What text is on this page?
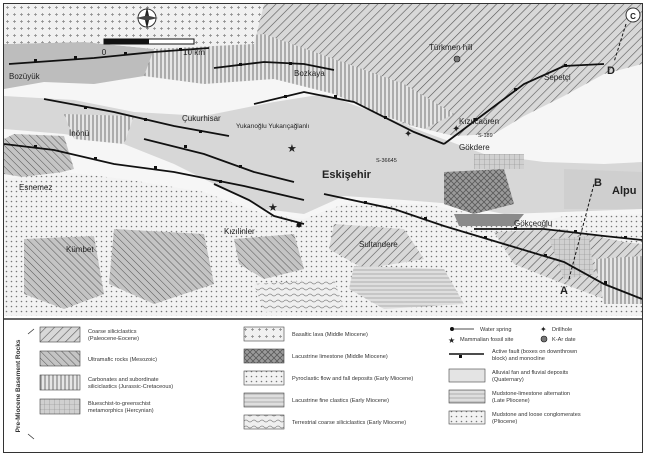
0	10 km
C
★
★
✦	✦
Bozüyük	Bozkaya
Türkmen hill
Sepetçi
Çukurhisar
Yukarıoğlu Yukarıçağlanlı
İnönü
Kızılcaören
Gökdere
Eskişehir
Alpu
Esnemez
Kızılinler
Gökçeoğlu
Sultandere
Kümbet
S-36645
S-189
A
B
D
Pre-Miocene Basement Rocks
Coarse siliciclastics
(Paleocene-Eocene)
Ultramafic rocks (Mesozoic)
Carbonates and subordinate
siliciclastics (Jurassic-Cretaceous)
Blueschist-to-greenschist
metamorphics (Hercynian)
Basaltic lava (Middle Miocene)
Lacustrine limestone (Middle Miocene)
Pyroclastic flow and fall deposits (Early Miocene)
Lacustrine fine clastics (Early Miocene)
Terrestrial coarse siliciclastics (Early Miocene)
Water spring	✦ Drillhole
★ Mammalian fossil site	K-Ar date
Active fault (boxes on downthrown
block) and monocline
Alluvial fan and fluvial deposits
(Quaternary)
Mudstone-limestone alternation
(Late Pliocene)
Mudstone and loose conglomerates
(Pliocene)
